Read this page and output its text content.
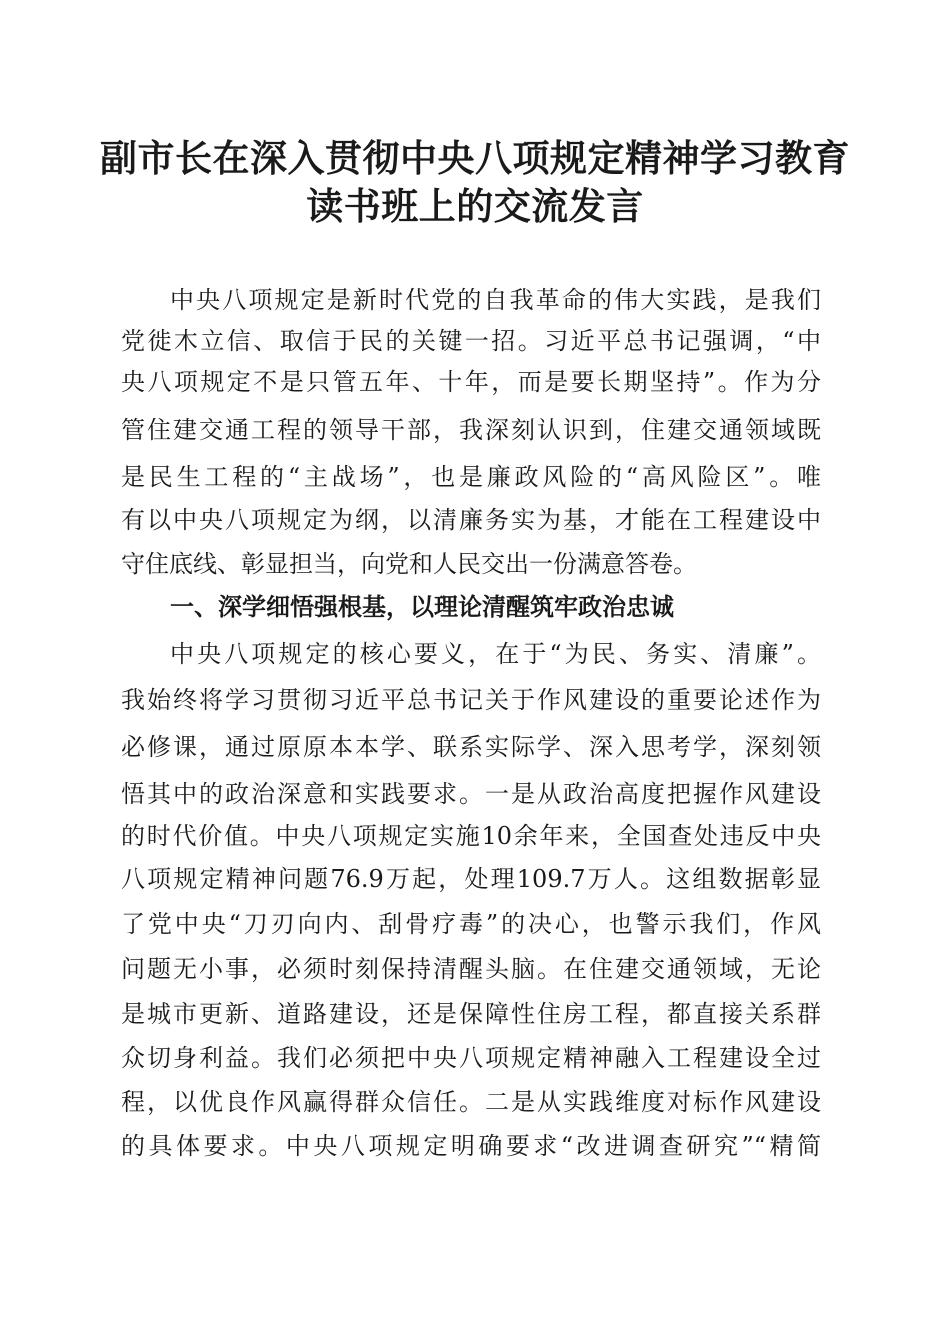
副市长在深入贯彻中央八项规定精神学习教育
读书班上的交流发言

中央八项规定是新时代党的自我革命的伟大实践，是我们

党徙木立信、取信于民的关键一招。习近平总书记强调，“中

央八项规定不是只管五年、十年，而是要长期坚持”。作为分

管住建交通工程的领导干部，我深刻认识到，住建交通领域既

是民生工程的“主战场”，也是廉政风险的“高风险区”。唯

有以中央八项规定为纲，以清廉务实为基，才能在工程建设中

守住底线、彰显担当，向党和人民交出一份满意答卷。

一、深学细悟强根基，以理论清醒筑牢政治忠诚

中央八项规定的核心要义，在于“为民、务实、清廉”。

我始终将学习贯彻习近平总书记关于作风建设的重要论述作为

必修课，通过原原本本学、联系实际学、深入思考学，深刻领

悟其中的政治深意和实践要求。一是从政治高度把握作风建设

的时代价值。中央八项规定实施10余年来，全国查处违反中央

八项规定精神问题76.9万起，处理109.7万人。这组数据彰显

了党中央“刀刃向内、刮骨疗毒”的决心，也警示我们，作风

问题无小事，必须时刻保持清醒头脑。在住建交通领域，无论

是城市更新、道路建设，还是保障性住房工程，都直接关系群

众切身利益。我们必须把中央八项规定精神融入工程建设全过

程，以优良作风赢得群众信任。二是从实践维度对标作风建设

的具体要求。中央八项规定明确要求“改进调查研究”“精简
